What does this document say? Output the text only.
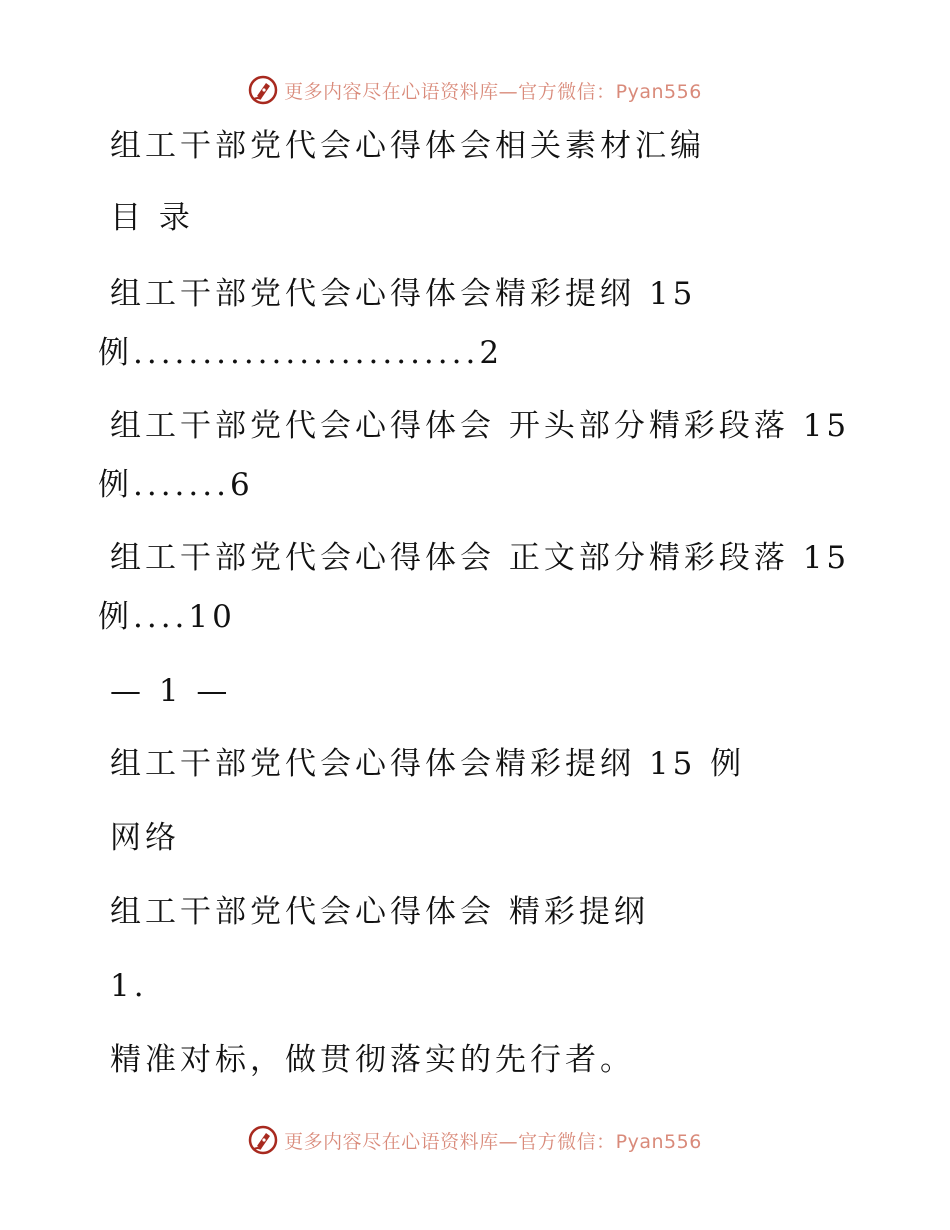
更多内容尽在心语资料库—官方微信：Pyan556
组工干部党代会心得体会相关素材汇编
目 录
组工干部党代会心得体会精彩提纲 15
例.........................2
组工干部党代会心得体会 开头部分精彩段落 15
例.......6
组工干部党代会心得体会 正文部分精彩段落 15
例....10
— 1 —
组工干部党代会心得体会精彩提纲 15 例
网络
组工干部党代会心得体会 精彩提纲
1.
精准对标，做贯彻落实的先行者。
更多内容尽在心语资料库—官方微信：Pyan556
